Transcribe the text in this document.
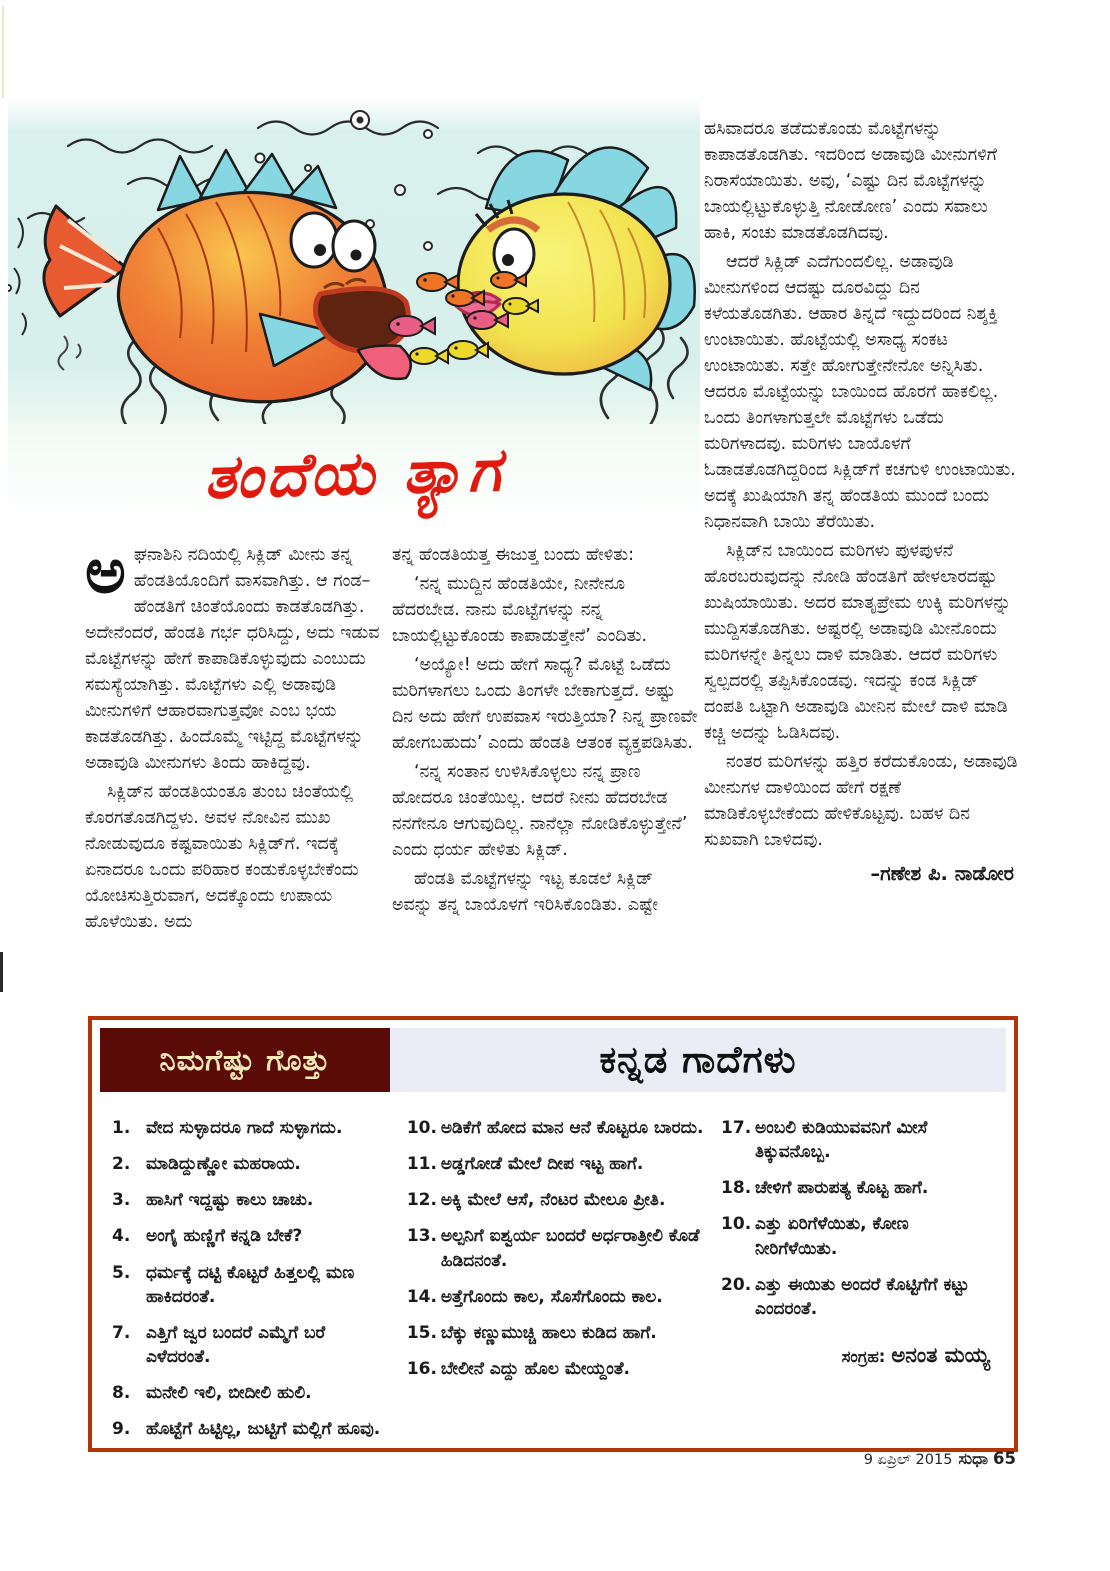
ತಂದೆಯ ತ್ಯಾಗ

ಅಘನಾಶಿನಿ ನದಿಯಲ್ಲಿ ಸಿಕ್ಲಿಡ್ ಮೀನು ತನ್ನ ಹೆಂಡತಿಯೊಂದಿಗೆ ವಾಸವಾಗಿತ್ತು. ಆ ಗಂಡ–ಹೆಂಡತಿಗೆ ಚಿಂತೆಯೊಂದು ಕಾಡತೊಡಗಿತ್ತು. ಅದೇನೆಂದರೆ, ಹೆಂಡತಿ ಗರ್ಭ ಧರಿಸಿದ್ದು, ಅದು ಇಡುವ ಮೊಟ್ಟೆಗಳನ್ನು ಹೇಗೆ ಕಾಪಾಡಿಕೊಳ್ಳುವುದು ಎಂಬುದು ಸಮಸ್ಯೆಯಾಗಿತ್ತು. ಮೊಟ್ಟೆಗಳು ಎಲ್ಲಿ ಅಡಾವುಡಿ ಮೀನುಗಳಿಗೆ ಆಹಾರವಾಗುತ್ತವೋ ಎಂಬ ಭಯ ಕಾಡತೊಡಗಿತ್ತು. ಹಿಂದೊಮ್ಮೆ ಇಟ್ಟಿದ್ದ ಮೊಟ್ಟೆಗಳನ್ನು ಅಡಾವುಡಿ ಮೀನುಗಳು ತಿಂದು ಹಾಕಿದ್ದವು.

ಸಿಕ್ಲಿಡ್‌ನ ಹೆಂಡತಿಯಂತೂ ತುಂಬ ಚಿಂತೆಯಲ್ಲಿ ಕೊರಗತೊಡಗಿದ್ದಳು. ಅವಳ ನೋವಿನ ಮುಖ ನೋಡುವುದೂ ಕಷ್ಟವಾಯಿತು ಸಿಕ್ಲಿಡ್‌ಗೆ. ಇದಕ್ಕೆ ಏನಾದರೂ ಒಂದು ಪರಿಹಾರ ಕಂಡುಕೊಳ್ಳಬೇಕೆಂದು ಯೋಚಿಸುತ್ತಿರುವಾಗ, ಅದಕ್ಕೊಂದು ಉಪಾಯ ಹೊಳೆಯಿತು. ಅದು

ತನ್ನ ಹೆಂಡತಿಯತ್ತ ಈಜುತ್ತ ಬಂದು ಹೇಳಿತು:

‘ನನ್ನ ಮುದ್ದಿನ ಹೆಂಡತಿಯೇ, ನೀನೇನೂ ಹೆದರಬೇಡ. ನಾನು ಮೊಟ್ಟೆಗಳನ್ನು ನನ್ನ ಬಾಯಲ್ಲಿಟ್ಟುಕೊಂಡು ಕಾಪಾಡುತ್ತೇನೆ’ ಎಂದಿತು.

‘ಅಯ್ಯೋ! ಅದು ಹೇಗೆ ಸಾಧ್ಯ? ಮೊಟ್ಟೆ ಒಡೆದು ಮರಿಗಳಾಗಲು ಒಂದು ತಿಂಗಳೇ ಬೇಕಾಗುತ್ತದೆ. ಅಷ್ಟು ದಿನ ಅದು ಹೇಗೆ ಉಪವಾಸ ಇರುತ್ತಿಯಾ? ನಿನ್ನ ಪ್ರಾಣವೇ ಹೋಗಬಹುದು’ ಎಂದು ಹೆಂಡತಿ ಆತಂಕ ವ್ಯಕ್ತಪಡಿಸಿತು.

‘ನನ್ನ ಸಂತಾನ ಉಳಿಸಿಕೊಳ್ಳಲು ನನ್ನ ಪ್ರಾಣ ಹೋದರೂ ಚಿಂತೆಯಿಲ್ಲ. ಆದರೆ ನೀನು ಹೆದರಬೇಡ ನನಗೇನೂ ಆಗುವುದಿಲ್ಲ. ನಾನೆಲ್ಲಾ ನೋಡಿಕೊಳ್ಳುತ್ತೇನೆ’ ಎಂದು ಧರ್ಯ ಹೇಳಿತು ಸಿಕ್ಲಿಡ್.

ಹೆಂಡತಿ ಮೊಟ್ಟೆಗಳನ್ನು ಇಟ್ಟ ಕೂಡಲೆ ಸಿಕ್ಲಿಡ್ ಅವನ್ನು ತನ್ನ ಬಾಯೊಳಗೆ ಇರಿಸಿಕೊಂಡಿತು. ಎಷ್ಟೇ

ಹಸಿವಾದರೂ ತಡೆದುಕೊಂಡು ಮೊಟ್ಟೆಗಳನ್ನು ಕಾಪಾಡತೊಡಗಿತು. ಇದರಿಂದ ಅಡಾವುಡಿ ಮೀನುಗಳಿಗೆ ನಿರಾಸೆಯಾಯಿತು. ಅವು, ‘ಎಷ್ಟು ದಿನ ಮೊಟ್ಟೆಗಳನ್ನು ಬಾಯಲ್ಲಿಟ್ಟುಕೊಳ್ಳುತ್ತಿ ನೋಡೋಣ’ ಎಂದು ಸವಾಲು ಹಾಕಿ, ಸಂಚು ಮಾಡತೊಡಗಿದವು.

ಆದರೆ ಸಿಕ್ಲಿಡ್ ಎದೆಗುಂದಲಿಲ್ಲ. ಅಡಾವುಡಿ ಮೀನುಗಳಿಂದ ಆದಷ್ಟು ದೂರವಿದ್ದು ದಿನ ಕಳೆಯತೊಡಗಿತು. ಆಹಾರ ತಿನ್ನದೆ ಇದ್ದುದರಿಂದ ನಿಶ್ಶಕ್ತಿ ಉಂಟಾಯಿತು. ಹೊಟ್ಟೆಯಲ್ಲಿ ಅಸಾಧ್ಯ ಸಂಕಟ ಉಂಟಾಯಿತು. ಸತ್ತೇ ಹೋಗುತ್ತೇನೇನೋ ಅನ್ನಿಸಿತು. ಆದರೂ ಮೊಟ್ಟೆಯನ್ನು ಬಾಯಿಂದ ಹೊರಗೆ ಹಾಕಲಿಲ್ಲ. ಒಂದು ತಿಂಗಳಾಗುತ್ತಲೇ ಮೊಟ್ಟೆಗಳು ಒಡೆದು ಮರಿಗಳಾದವು. ಮರಿಗಳು ಬಾಯೊಳಗೆ ಓಡಾಡತೊಡಗಿದ್ದರಿಂದ ಸಿಕ್ಲಿಡ್‌ಗೆ ಕಚಗುಳಿ ಉಂಟಾಯಿತು. ಅದಕ್ಕೆ ಖುಷಿಯಾಗಿ ತನ್ನ ಹೆಂಡತಿಯ ಮುಂದೆ ಬಂದು ನಿಧಾನವಾಗಿ ಬಾಯಿ ತೆರೆಯಿತು.

ಸಿಕ್ಲಿಡ್‌ನ ಬಾಯಿಂದ ಮರಿಗಳು ಪುಳಪುಳನೆ ಹೊರಬರುವುದನ್ನು ನೋಡಿ ಹೆಂಡತಿಗೆ ಹೇಳಲಾರದಷ್ಟು ಖುಷಿಯಾಯಿತು. ಅದರ ಮಾತೃಪ್ರೇಮ ಉಕ್ಕಿ ಮರಿಗಳನ್ನು ಮುದ್ದಿಸತೊಡಗಿತು. ಅಷ್ಟರಲ್ಲಿ ಅಡಾವುಡಿ ಮೀನೊಂದು ಮರಿಗಳನ್ನೇ ತಿನ್ನಲು ದಾಳಿ ಮಾಡಿತು. ಆದರೆ ಮರಿಗಳು ಸ್ವಲ್ಪದರಲ್ಲಿ ತಪ್ಪಿಸಿಕೊಂಡವು. ಇದನ್ನು ಕಂಡ ಸಿಕ್ಲಿಡ್ ದಂಪತಿ ಒಟ್ಟಾಗಿ ಅಡಾವುಡಿ ಮೀನಿನ ಮೇಲೆ ದಾಳಿ ಮಾಡಿ ಕಚ್ಚಿ ಅದನ್ನು ಓಡಿಸಿದವು.

ನಂತರ ಮರಿಗಳನ್ನು ಹತ್ತಿರ ಕರೆದುಕೊಂಡು, ಅಡಾವುಡಿ ಮೀನುಗಳ ದಾಳಿಯಿಂದ ಹೇಗೆ ರಕ್ಷಣೆ ಮಾಡಿಕೊಳ್ಳಬೇಕೆಂದು ಹೇಳಿಕೊಟ್ಟವು. ಬಹಳ ದಿನ ಸುಖವಾಗಿ ಬಾಳಿದವು.

–ಗಣೇಶ ಪಿ. ನಾಡೋರ
ನಿಮಗೆಷ್ಟು ಗೊತ್ತು	ಕನ್ನಡ ಗಾದೆಗಳು
1. ವೇದ ಸುಳ್ಳಾದರೂ ಗಾದೆ ಸುಳ್ಳಾಗದು.
2. ಮಾಡಿದ್ದುಣ್ಣೋ ಮಹರಾಯ.
3. ಹಾಸಿಗೆ ಇದ್ದಷ್ಟು ಕಾಲು ಚಾಚು.
4. ಅಂಗೈ ಹುಣ್ಣಿಗೆ ಕನ್ನಡಿ ಬೇಕೆ?
5. ಧರ್ಮಕ್ಕೆ ದಟ್ಟಿ ಕೊಟ್ಟರೆ ಹಿತ್ತಲಲ್ಲಿ ಮಣ ಹಾಕಿದರಂತೆ.
7. ಎತ್ತಿಗೆ ಜ್ವರ ಬಂದರೆ ಎಮ್ಮೆಗೆ ಬರೆ ಎಳೆದರಂತೆ.
8. ಮನೇಲಿ ಇಲಿ, ಬೀದೀಲಿ ಹುಲಿ.
9. ಹೊಟ್ಟೆಗೆ ಹಿಟ್ಟಿಲ್ಲ, ಜುಟ್ಟಿಗೆ ಮಲ್ಲಿಗೆ ಹೂವು.
10. ಅಡಿಕೆಗೆ ಹೋದ ಮಾನ ಆನೆ ಕೊಟ್ಟರೂ ಬಾರದು.
11. ಅಡ್ಡಗೋಡೆ ಮೇಲೆ ದೀಪ ಇಟ್ಟ ಹಾಗೆ.
12. ಅಕ್ಕಿ ಮೇಲೆ ಆಸೆ, ನೆಂಟರ ಮೇಲೂ ಪ್ರೀತಿ.
13. ಅಲ್ಪನಿಗೆ ಐಶ್ವರ್ಯ ಬಂದರೆ ಅರ್ಧರಾತ್ರೀಲಿ ಕೊಡೆ ಹಿಡಿದನಂತೆ.
14. ಅತ್ತೆಗೊಂದು ಕಾಲ, ಸೊಸೆಗೊಂದು ಕಾಲ.
15. ಬೆಕ್ಕು ಕಣ್ಣುಮುಚ್ಚಿ ಹಾಲು ಕುಡಿದ ಹಾಗೆ.
16. ಬೇಲೀನೆ ಎದ್ದು ಹೊಲ ಮೇಯ್ದಂತೆ.
17. ಅಂಬಲಿ ಕುಡಿಯುವವನಿಗೆ ಮೀಸೆ ತಿಕ್ಕುವನೊಬ್ಬ.
18. ಚೇಳಿಗೆ ಪಾರುಪತ್ಯ ಕೊಟ್ಟ ಹಾಗೆ.
10. ಎತ್ತು ಏರಿಗೆಳೆಯಿತು, ಕೋಣ ನೀರಿಗೆಳೆಯಿತು.
20. ಎತ್ತು ಈಯಿತು ಅಂದರೆ ಕೊಟ್ಟಿಗೆಗೆ ಕಟ್ಟು ಎಂದರಂತೆ.
ಸಂಗ್ರಹ: ಅನಂತ ಮಯ್ಯ
9 ಏಪ್ರಿಲ್ 2015 ಸುಧಾ 65
